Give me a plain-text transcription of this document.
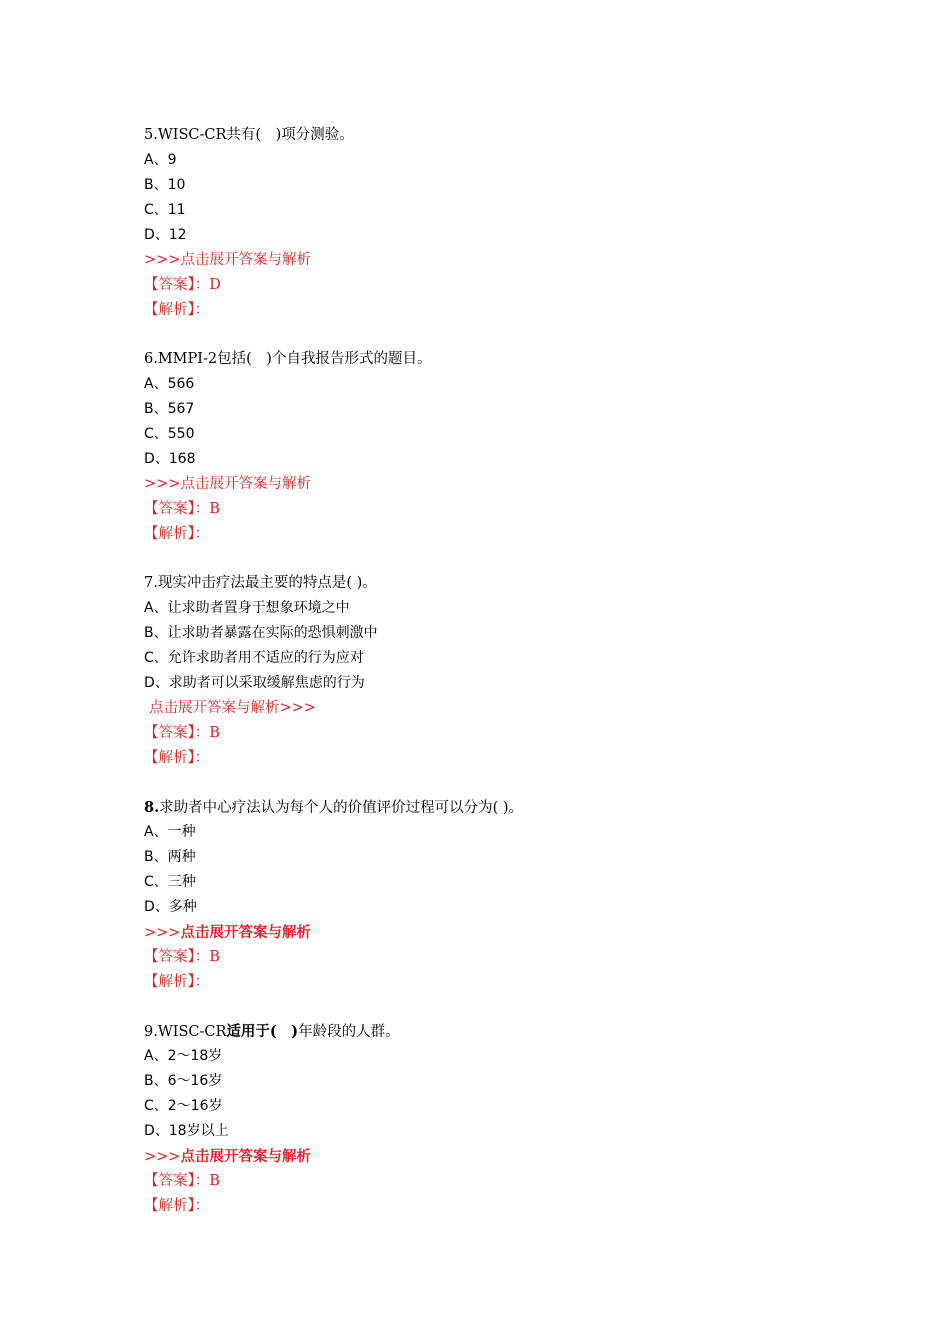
5.WISC-CR共有(　)项分测验。
A、9
B、10
C、11
D、12
>>>点击展开答案与解析
【答案】：D
【解析】：
6.MMPI-2包括(　)个自我报告形式的题目。
A、566
B、567
C、550
D、168
>>>点击展开答案与解析
【答案】：B
【解析】：
7.现实冲击疗法最主要的特点是( )。
A、让求助者置身于想象环境之中
B、让求助者暴露在实际的恐惧刺激中
C、允许求助者用不适应的行为应对
D、求助者可以采取缓解焦虑的行为
点击展开答案与解析>>>
【答案】：B
【解析】：
8.求助者中心疗法认为每个人的价值评价过程可以分为( )。
A、一种
B、两种
C、三种
D、多种
>>>点击展开答案与解析
【答案】：B
【解析】：
9.WISC-CR适用于(　)年龄段的人群。
A、2～18岁
B、6～16岁
C、2～16岁
D、18岁以上
>>>点击展开答案与解析
【答案】：B
【解析】：
